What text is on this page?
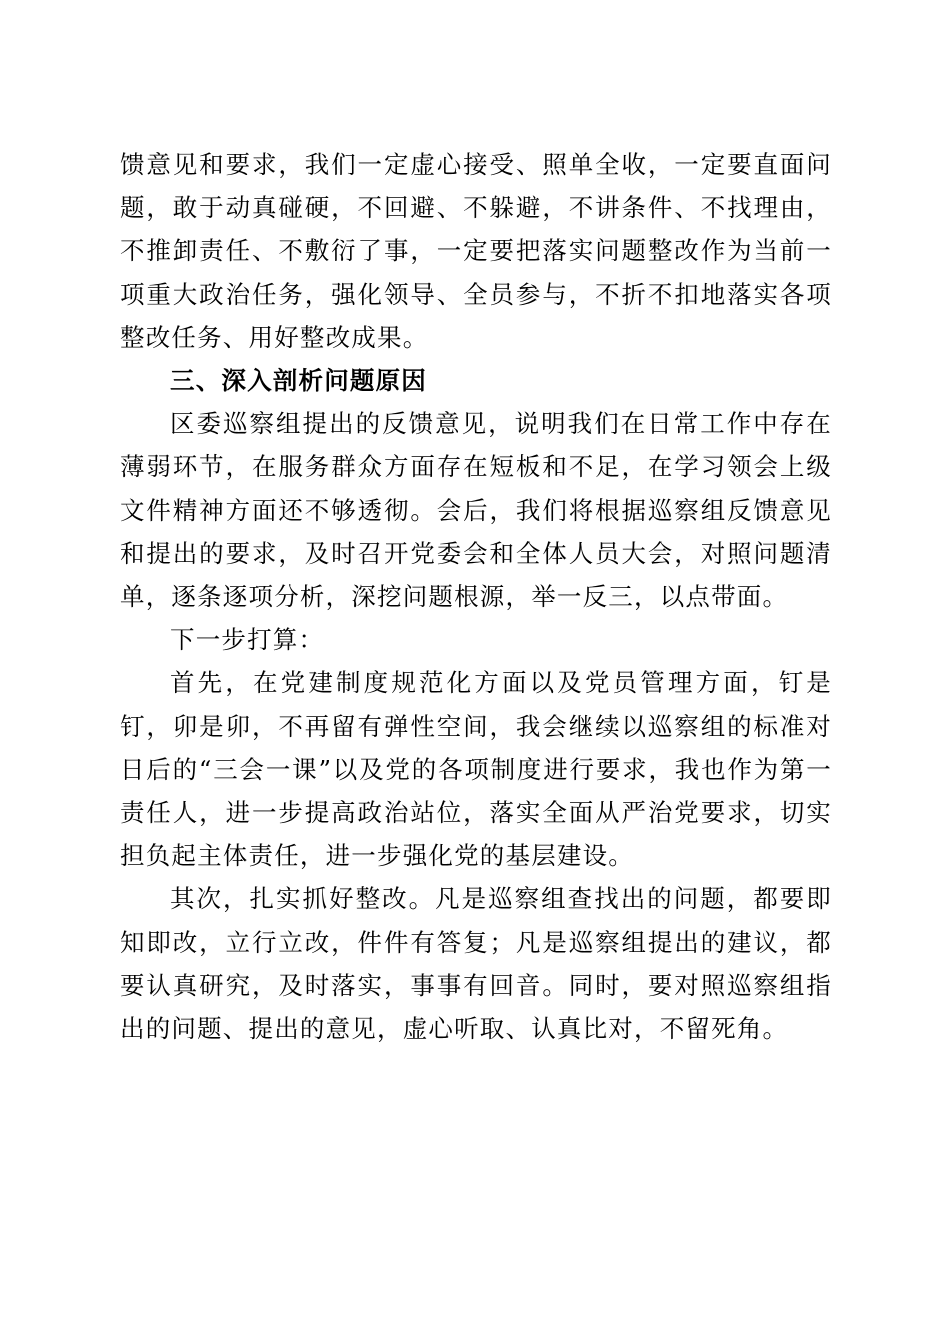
馈意见和要求，我们一定虚心接受、照单全收，一定要直面问题，敢于动真碰硬，不回避、不躲避，不讲条件、不找理由，不推卸责任、不敷衍了事，一定要把落实问题整改作为当前一项重大政治任务，强化领导、全员参与，不折不扣地落实各项整改任务、用好整改成果。

三、深入剖析问题原因

区委巡察组提出的反馈意见，说明我们在日常工作中存在薄弱环节，在服务群众方面存在短板和不足，在学习领会上级文件精神方面还不够透彻。会后，我们将根据巡察组反馈意见和提出的要求，及时召开党委会和全体人员大会，对照问题清单，逐条逐项分析，深挖问题根源，举一反三，以点带面。

下一步打算：

首先，在党建制度规范化方面以及党员管理方面，钉是钉，卯是卯，不再留有弹性空间，我会继续以巡察组的标准对日后的“三会一课”以及党的各项制度进行要求，我也作为第一责任人，进一步提高政治站位，落实全面从严治党要求，切实担负起主体责任，进一步强化党的基层建设。

其次，扎实抓好整改。凡是巡察组查找出的问题，都要即知即改，立行立改，件件有答复；凡是巡察组提出的建议，都要认真研究，及时落实，事事有回音。同时，要对照巡察组指出的问题、提出的意见，虚心听取、认真比对，不留死角。
